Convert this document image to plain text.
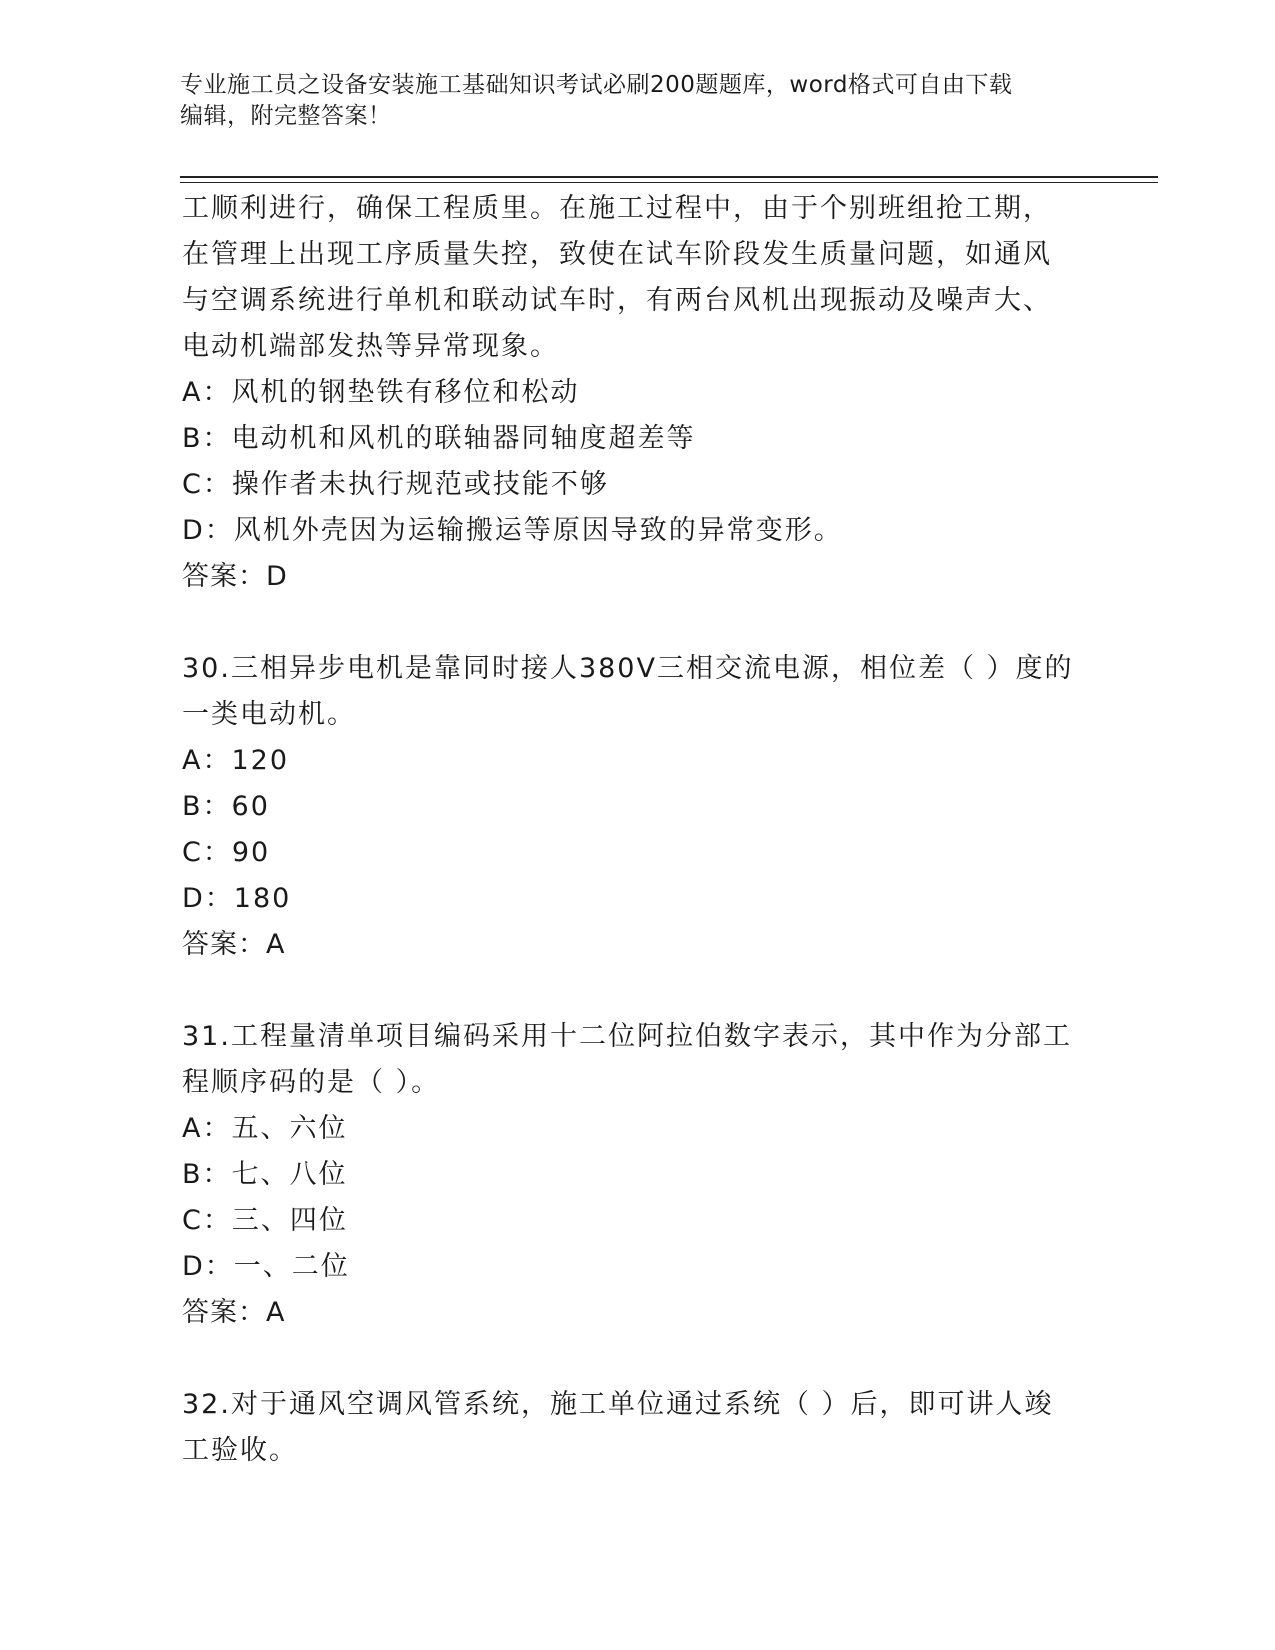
专业施工员之设备安装施工基础知识考试必刷200题题库，word格式可自由下载
编辑，附完整答案！
工顺利进行，确保工程质里。在施工过程中，由于个别班组抢工期，
在管理上出现工序质量失控，致使在试车阶段发生质量问题，如通风
与空调系统进行单机和联动试车时，有两台风机出现振动及噪声大、
电动机端部发热等异常现象。
A：风机的钢垫铁有移位和松动
B：电动机和风机的联轴器同轴度超差等
C：操作者未执行规范或技能不够
D：风机外壳因为运输搬运等原因导致的异常变形。
答案：D
30.三相异步电机是靠同时接人380V三相交流电源，相位差（ ）度的
一类电动机。
A：120
B：60
C：90
D：180
答案：A
31.工程量清单项目编码采用十二位阿拉伯数字表示，其中作为分部工
程顺序码的是（ ）。
A：五、六位
B：七、八位
C：三、四位
D：一、二位
答案：A
32.对于通风空调风管系统，施工单位通过系统（ ）后，即可讲人竣
工验收。
